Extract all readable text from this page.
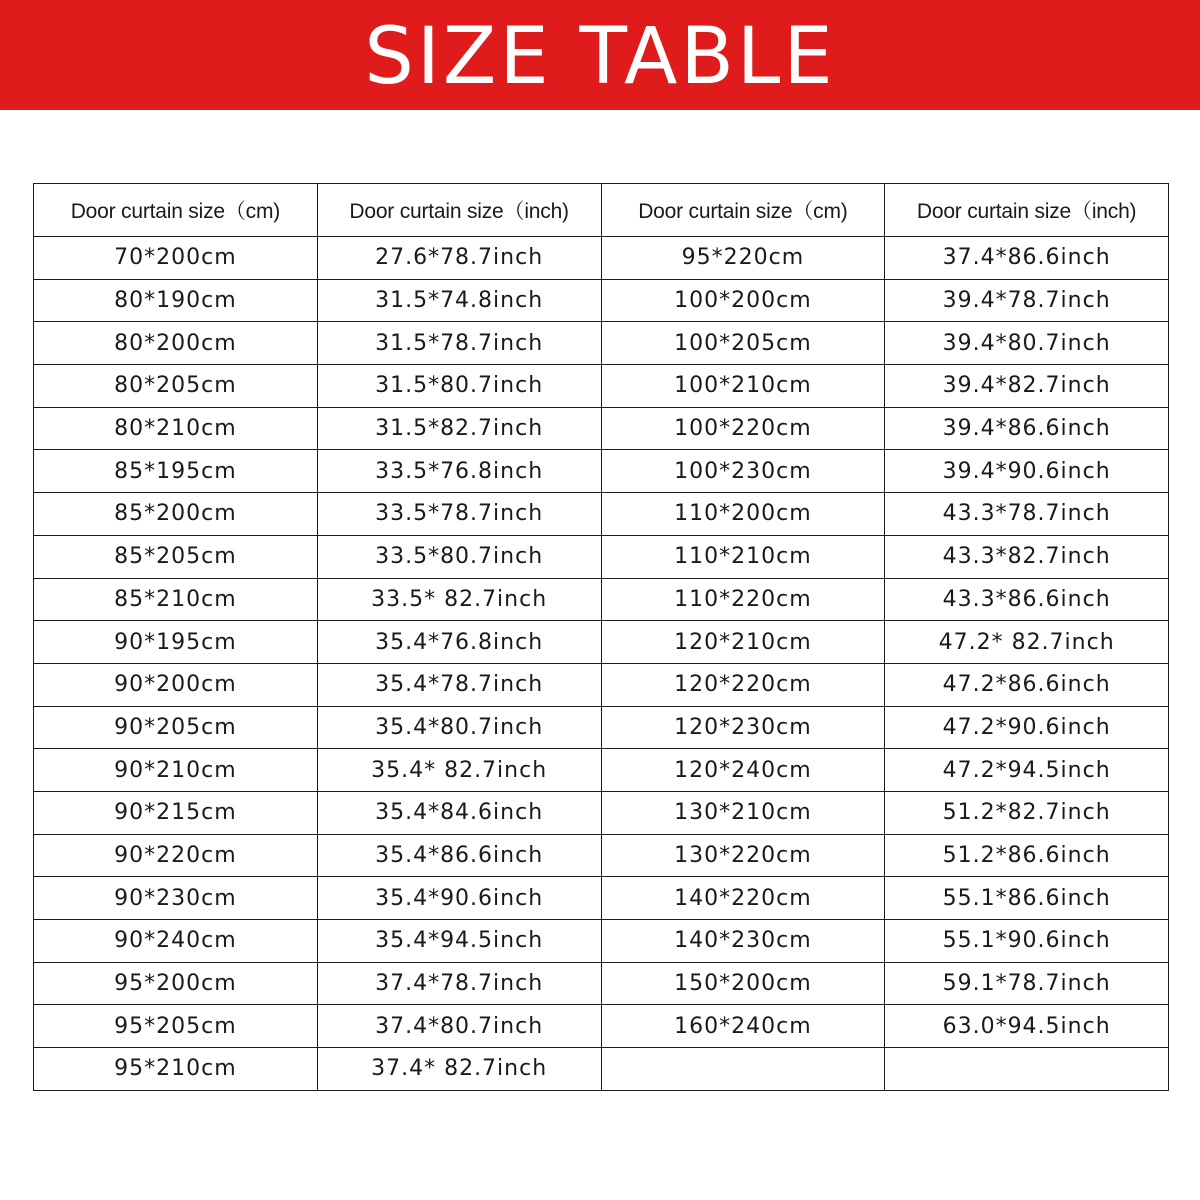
SIZE TABLE
Door curtain size（cm)	Door curtain size（inch)	Door curtain size（cm)	Door curtain size（inch)
70*200cm	27.6*78.7inch	95*220cm	37.4*86.6inch
80*190cm	31.5*74.8inch	100*200cm	39.4*78.7inch
80*200cm	31.5*78.7inch	100*205cm	39.4*80.7inch
80*205cm	31.5*80.7inch	100*210cm	39.4*82.7inch
80*210cm	31.5*82.7inch	100*220cm	39.4*86.6inch
85*195cm	33.5*76.8inch	100*230cm	39.4*90.6inch
85*200cm	33.5*78.7inch	110*200cm	43.3*78.7inch
85*205cm	33.5*80.7inch	110*210cm	43.3*82.7inch
85*210cm	33.5* 82.7inch	110*220cm	43.3*86.6inch
90*195cm	35.4*76.8inch	120*210cm	47.2* 82.7inch
90*200cm	35.4*78.7inch	120*220cm	47.2*86.6inch
90*205cm	35.4*80.7inch	120*230cm	47.2*90.6inch
90*210cm	35.4* 82.7inch	120*240cm	47.2*94.5inch
90*215cm	35.4*84.6inch	130*210cm	51.2*82.7inch
90*220cm	35.4*86.6inch	130*220cm	51.2*86.6inch
90*230cm	35.4*90.6inch	140*220cm	55.1*86.6inch
90*240cm	35.4*94.5inch	140*230cm	55.1*90.6inch
95*200cm	37.4*78.7inch	150*200cm	59.1*78.7inch
95*205cm	37.4*80.7inch	160*240cm	63.0*94.5inch
95*210cm	37.4* 82.7inch		
